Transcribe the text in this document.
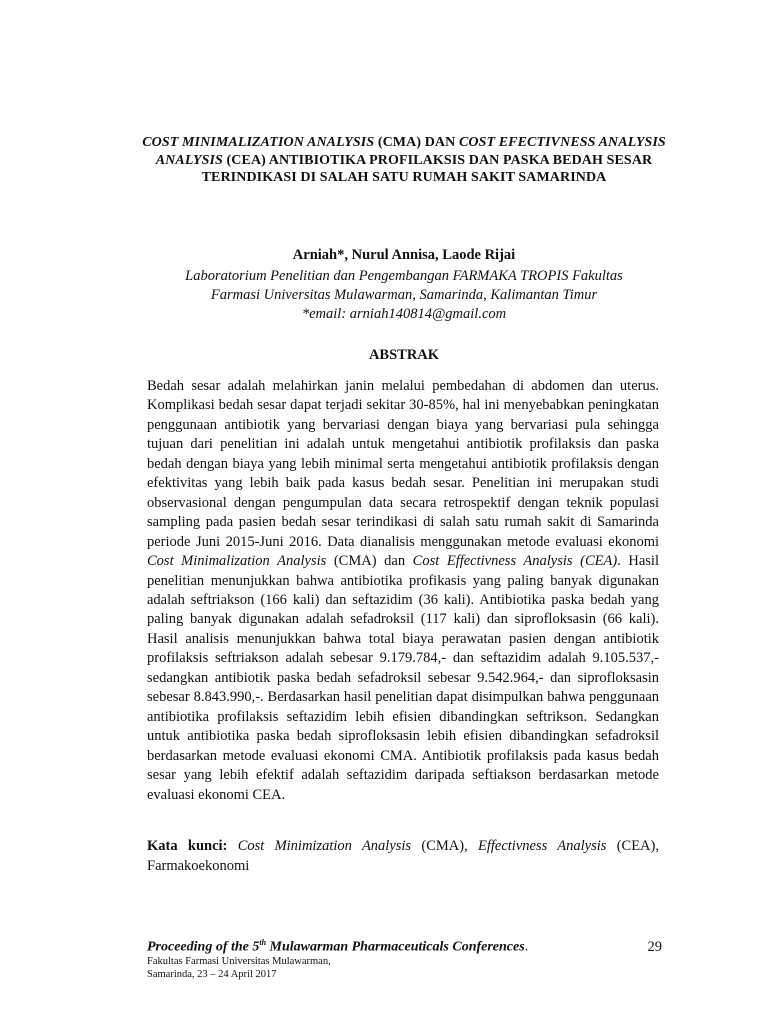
COST MINIMALIZATION ANALYSIS (CMA) DAN COST EFECTIVNESS ANALYSIS ANALYSIS (CEA) ANTIBIOTIKA PROFILAKSIS DAN PASKA BEDAH SESAR TERINDIKASI DI SALAH SATU RUMAH SAKIT SAMARINDA
Arniah*, Nurul Annisa, Laode Rijai
Laboratorium Penelitian dan Pengembangan FARMAKA TROPIS Fakultas
Farmasi Universitas Mulawarman, Samarinda, Kalimantan Timur
*email: arniah140814@gmail.com
ABSTRAK

Bedah sesar adalah melahirkan janin melalui pembedahan di abdomen dan uterus. Komplikasi bedah sesar dapat terjadi sekitar 30-85%, hal ini menyebabkan peningkatan penggunaan antibiotik yang bervariasi dengan biaya yang bervariasi pula sehingga tujuan dari penelitian ini adalah untuk mengetahui antibiotik profilaksis dan paska bedah dengan biaya yang lebih minimal serta mengetahui antibiotik profilaksis dengan efektivitas yang lebih baik pada kasus bedah sesar. Penelitian ini merupakan studi observasional dengan pengumpulan data secara retrospektif dengan teknik populasi sampling pada pasien bedah sesar terindikasi di salah satu rumah sakit di Samarinda periode Juni 2015-Juni 2016. Data dianalisis menggunakan metode evaluasi ekonomi Cost Minimalization Analysis (CMA) dan Cost Effectivness Analysis (CEA). Hasil penelitian menunjukkan bahwa antibiotika profikasis yang paling banyak digunakan adalah seftriakson (166 kali) dan seftazidim (36 kali). Antibiotika paska bedah yang paling banyak digunakan adalah sefadroksil (117 kali) dan siprofloksasin (66 kali). Hasil analisis menunjukkan bahwa total biaya perawatan pasien dengan antibiotik profilaksis seftriakson adalah sebesar 9.179.784,- dan seftazidim adalah 9.105.537,- sedangkan antibiotik paska bedah sefadroksil sebesar 9.542.964,- dan siprofloksasin sebesar 8.843.990,-. Berdasarkan hasil penelitian dapat disimpulkan bahwa penggunaan antibiotika profilaksis seftazidim lebih efisien dibandingkan seftrikson. Sedangkan untuk antibiotika paska bedah siprofloksasin lebih efisien dibandingkan sefadroksil berdasarkan metode evaluasi ekonomi CMA. Antibiotik profilaksis pada kasus bedah sesar yang lebih efektif adalah seftazidim daripada seftiakson berdasarkan metode evaluasi ekonomi CEA.

Kata kunci: Cost Minimization Analysis (CMA), Effectivness Analysis (CEA), Farmakoekonomi

Proceeding of the 5th Mulawarman Pharmaceuticals Conferences.
Fakultas Farmasi Universitas Mulawarman,
Samarinda, 23 – 24 April 2017
29
